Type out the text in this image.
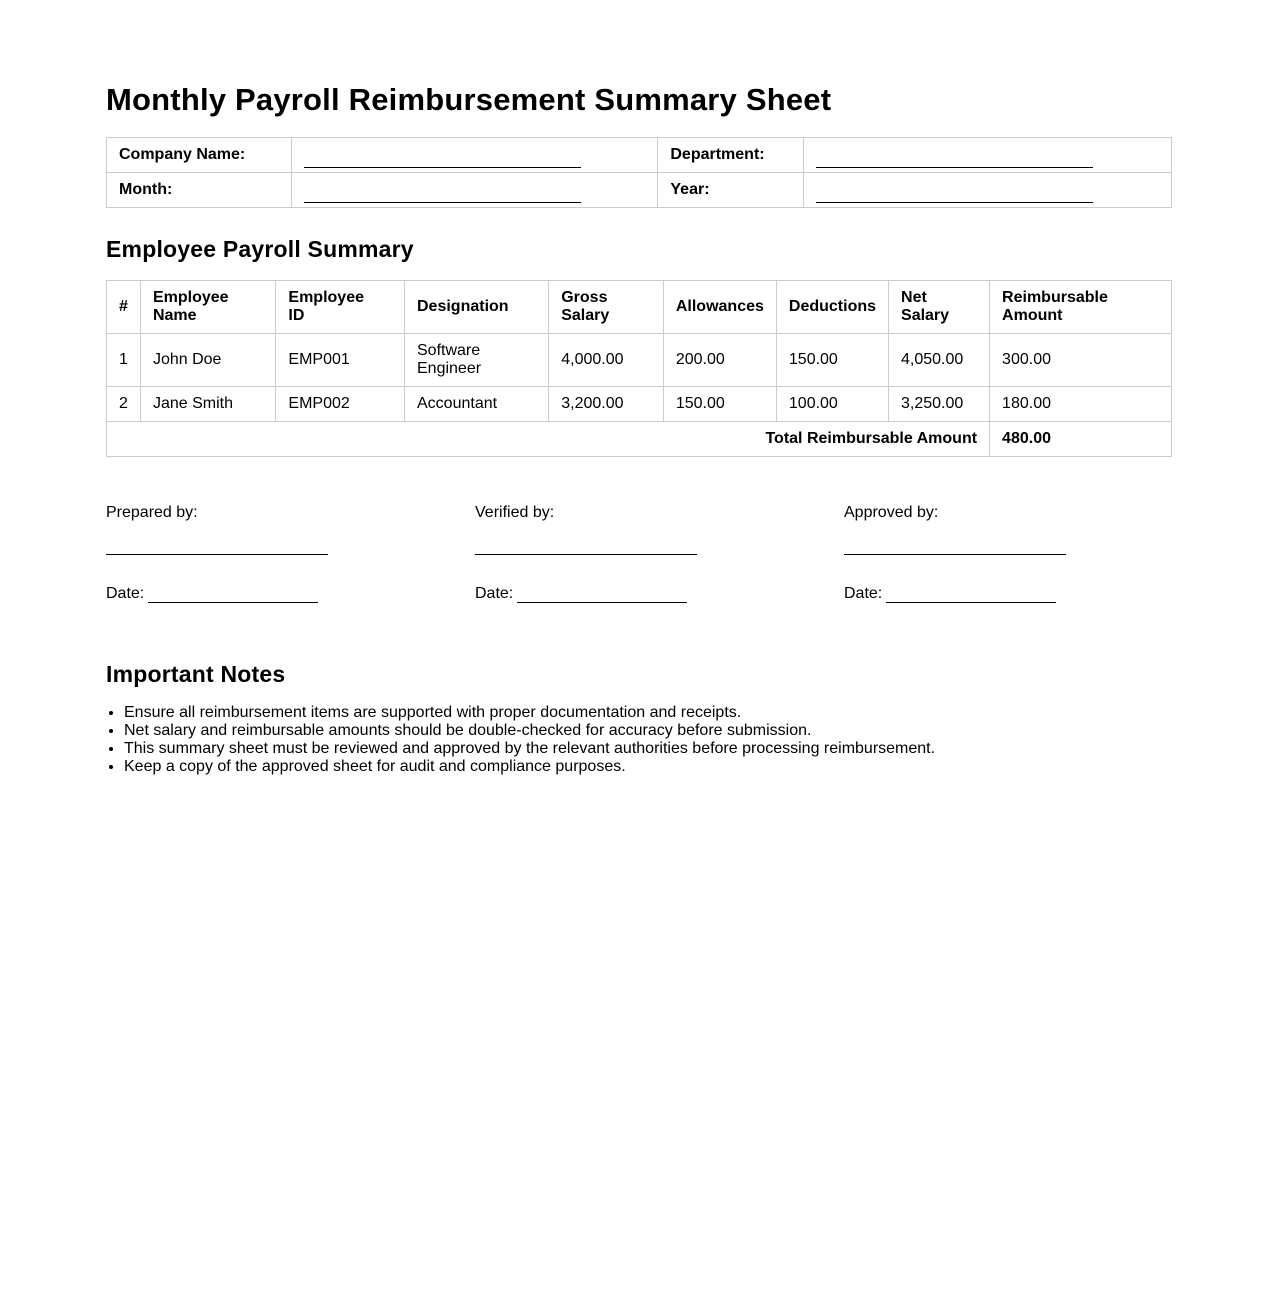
Monthly Payroll Reimbursement Summary Sheet
Company Name:		Department:	
Month:		Year:	
Employee Payroll Summary
#	Employee Name	Employee ID	Designation	Gross Salary	Allowances	Deductions	Net Salary	Reimbursable Amount
1	John Doe	EMP001	Software Engineer	4,000.00	200.00	150.00	4,050.00	300.00
2	Jane Smith	EMP002	Accountant	3,200.00	150.00	100.00	3,250.00	180.00
Total Reimbursable Amount								480.00
Prepared by:
Date:
Verified by:
Date:
Approved by:
Date:
Important Notes
• Ensure all reimbursement items are supported with proper documentation and receipts.
• Net salary and reimbursable amounts should be double-checked for accuracy before submission.
• This summary sheet must be reviewed and approved by the relevant authorities before processing reimbursement.
• Keep a copy of the approved sheet for audit and compliance purposes.
